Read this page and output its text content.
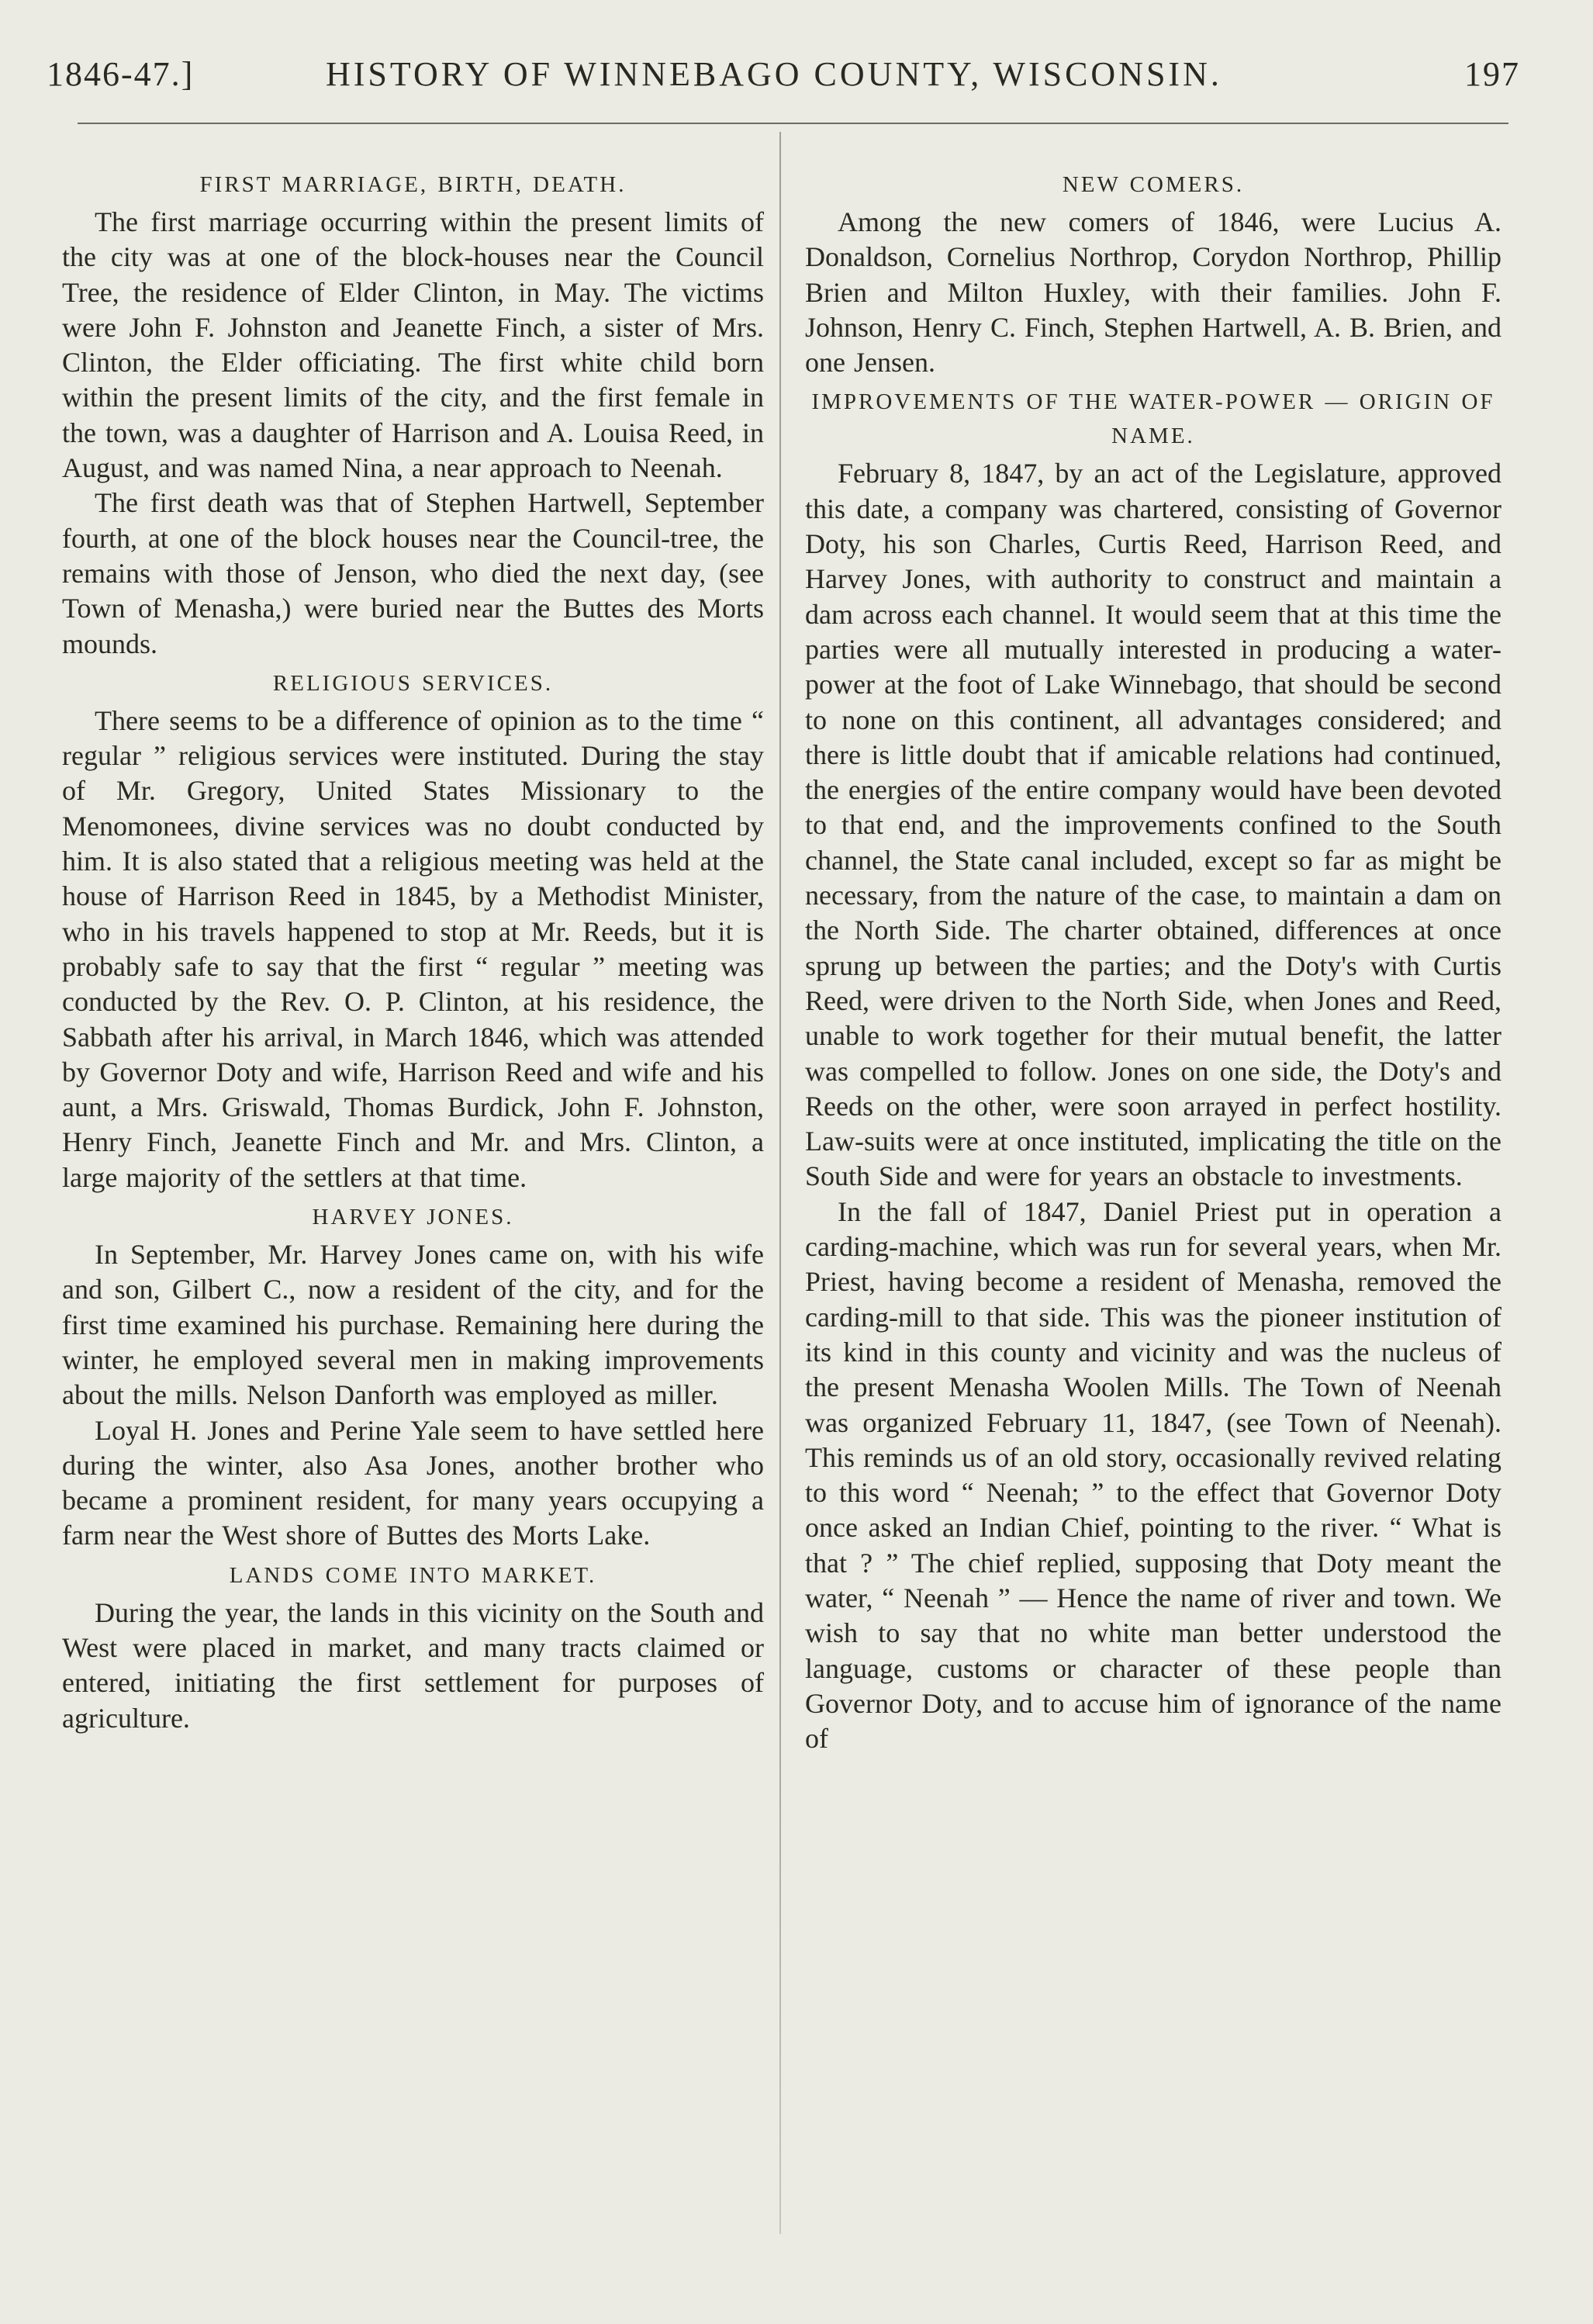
1846-47.]	HISTORY OF WINNEBAGO COUNTY, WISCONSIN.	197
FIRST MARRIAGE, BIRTH, DEATH.

The first marriage occurring within the present limits of the city was at one of the block-houses near the Council Tree, the residence of Elder Clinton, in May. The victims were John F. Johnston and Jeanette Finch, a sister of Mrs. Clinton, the Elder officiating. The first white child born within the present limits of the city, and the first female in the town, was a daughter of Harrison and A. Louisa Reed, in August, and was named Nina, a near approach to Neenah.

The first death was that of Stephen Hartwell, September fourth, at one of the block houses near the Council-tree, the remains with those of Jenson, who died the next day, (see Town of Menasha,) were buried near the Buttes des Morts mounds.

RELIGIOUS SERVICES.

There seems to be a difference of opinion as to the time “ regular ” religious services were instituted. During the stay of Mr. Gregory, United States Missionary to the Menomonees, divine services was no doubt conducted by him. It is also stated that a religious meeting was held at the house of Harrison Reed in 1845, by a Methodist Minister, who in his travels happened to stop at Mr. Reeds, but it is probably safe to say that the first “ regular ” meeting was conducted by the Rev. O. P. Clinton, at his residence, the Sabbath after his arrival, in March 1846, which was attended by Governor Doty and wife, Harrison Reed and wife and his aunt, a Mrs. Griswald, Thomas Burdick, John F. Johnston, Henry Finch, Jeanette Finch and Mr. and Mrs. Clinton, a large majority of the settlers at that time.

HARVEY JONES.

In September, Mr. Harvey Jones came on, with his wife and son, Gilbert C., now a resident of the city, and for the first time examined his purchase. Remaining here during the winter, he employed several men in making improvements about the mills. Nelson Danforth was employed as miller.

Loyal H. Jones and Perine Yale seem to have settled here during the winter, also Asa Jones, another brother who became a prominent resident, for many years occupying a farm near the West shore of Buttes des Morts Lake.

LANDS COME INTO MARKET.

During the year, the lands in this vicinity on the South and West were placed in market, and many tracts claimed or entered, initiating the first settlement for purposes of agriculture.

NEW COMERS.

Among the new comers of 1846, were Lucius A. Donaldson, Cornelius Northrop, Corydon Northrop, Phillip Brien and Milton Huxley, with their families. John F. Johnson, Henry C. Finch, Stephen Hartwell, A. B. Brien, and one Jensen.

IMPROVEMENTS OF THE WATER-POWER — ORIGIN OF NAME.

February 8, 1847, by an act of the Legislature, approved this date, a company was chartered, consisting of Governor Doty, his son Charles, Curtis Reed, Harrison Reed, and Harvey Jones, with authority to construct and maintain a dam across each channel. It would seem that at this time the parties were all mutually interested in producing a water-power at the foot of Lake Winnebago, that should be second to none on this continent, all advantages considered; and there is little doubt that if amicable relations had continued, the energies of the entire company would have been devoted to that end, and the improvements confined to the South channel, the State canal included, except so far as might be necessary, from the nature of the case, to maintain a dam on the North Side. The charter obtained, differences at once sprung up between the parties; and the Doty's with Curtis Reed, were driven to the North Side, when Jones and Reed, unable to work together for their mutual benefit, the latter was compelled to follow. Jones on one side, the Doty's and Reeds on the other, were soon arrayed in perfect hostility. Law-suits were at once instituted, implicating the title on the South Side and were for years an obstacle to investments.

In the fall of 1847, Daniel Priest put in operation a carding-machine, which was run for several years, when Mr. Priest, having become a resident of Menasha, removed the carding-mill to that side. This was the pioneer institution of its kind in this county and vicinity and was the nucleus of the present Menasha Woolen Mills. The Town of Neenah was organized February 11, 1847, (see Town of Neenah). This reminds us of an old story, occasionally revived relating to this word “ Neenah; ” to the effect that Governor Doty once asked an Indian Chief, pointing to the river. “ What is that ? ” The chief replied, supposing that Doty meant the water, “ Neenah ” — Hence the name of river and town. We wish to say that no white man better understood the language, customs or character of these people than Governor Doty, and to accuse him of ignorance of the name of
